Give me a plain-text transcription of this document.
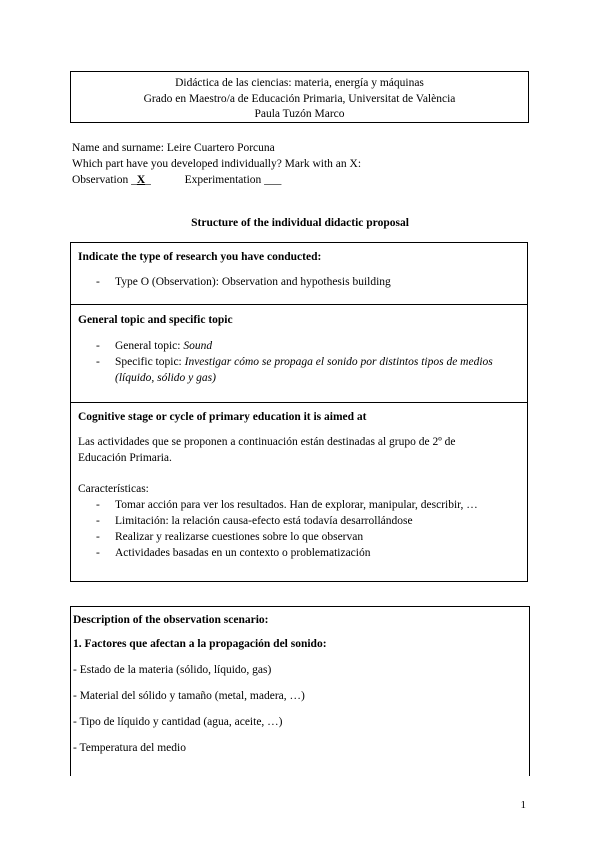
Didáctica de las ciencias: materia, energía y máquinas
Grado en Maestro/a de Educación Primaria, Universitat de València
Paula Tuzón Marco
Name and surname: Leire Cuartero Porcuna
Which part have you developed individually? Mark with an X:
Observation _X_	Experimentation ___
Structure of the individual didactic proposal
Indicate the type of research you have conducted:
- Type O (Observation): Observation and hypothesis building
General topic and specific topic
- General topic: Sound
- Specific topic: Investigar cómo se propaga el sonido por distintos tipos de medios
(líquido, sólido y gas)
Cognitive stage or cycle of primary education it is aimed at
Las actividades que se proponen a continuación están destinadas al grupo de 2º de
Educación Primaria.
Características:
- Tomar acción para ver los resultados. Han de explorar, manipular, describir, …
- Limitación: la relación causa-efecto está todavía desarrollándose
- Realizar y realizarse cuestiones sobre lo que observan
- Actividades basadas en un contexto o problematización
Description of the observation scenario:
1. Factores que afectan a la propagación del sonido:
- Estado de la materia (sólido, líquido, gas)
- Material del sólido y tamaño (metal, madera, …)
- Tipo de líquido y cantidad (agua, aceite, …)
- Temperatura del medio
1
